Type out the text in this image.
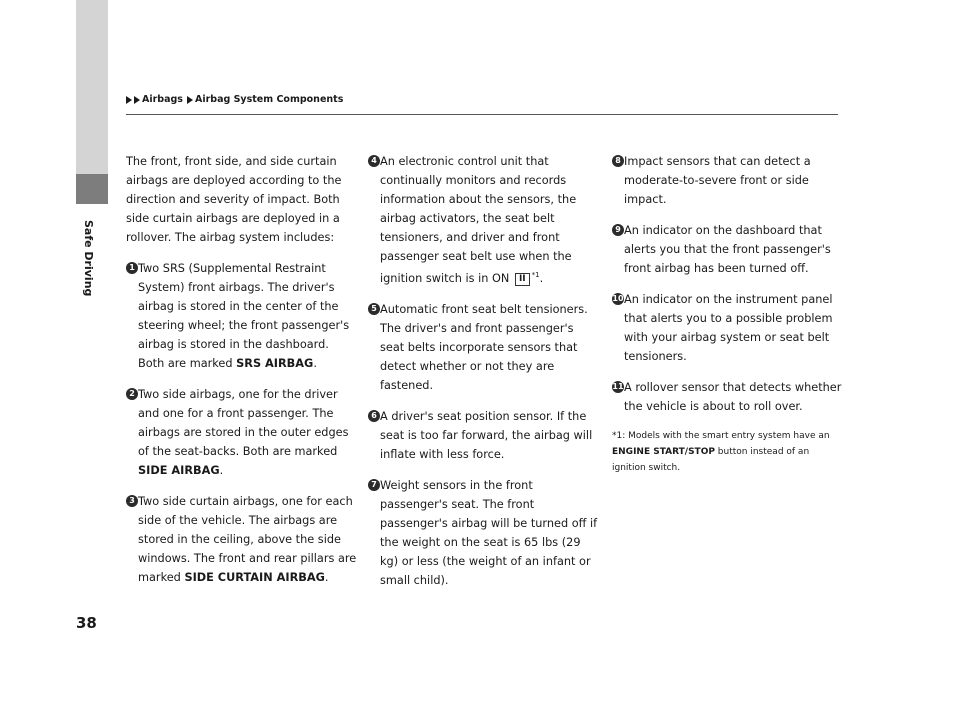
Safe Driving
Airbags Airbag System Components

The front, front side, and side curtain airbags are deployed according to the direction and severity of impact. Both side curtain airbags are deployed in a rollover. The airbag system includes:

1 Two SRS (Supplemental Restraint System) front airbags. The driver's airbag is stored in the center of the steering wheel; the front passenger's airbag is stored in the dashboard. Both are marked SRS AIRBAG.
2 Two side airbags, one for the driver and one for a front passenger. The airbags are stored in the outer edges of the seat-backs. Both are marked SIDE AIRBAG.
3 Two side curtain airbags, one for each side of the vehicle. The airbags are stored in the ceiling, above the side windows. The front and rear pillars are marked SIDE CURTAIN AIRBAG.
4 An electronic control unit that continually monitors and records information about the sensors, the airbag activators, the seat belt tensioners, and driver and front passenger seat belt use when the ignition switch is in ON II $^{*1}$.
5 Automatic front seat belt tensioners. The driver's and front passenger's seat belts incorporate sensors that detect whether or not they are fastened.
6 A driver's seat position sensor. If the seat is too far forward, the airbag will inflate with less force.
7 Weight sensors in the front passenger's seat. The front passenger's airbag will be turned off if the weight on the seat is 65 lbs (29 kg) or less (the weight of an infant or small child).
8 Impact sensors that can detect a moderate-to-severe front or side impact.
9 An indicator on the dashboard that alerts you that the front passenger's front airbag has been turned off.
10 An indicator on the instrument panel that alerts you to a possible problem with your airbag system or seat belt tensioners.
11 A rollover sensor that detects whether the vehicle is about to roll over.
*1: Models with the smart entry system have an ENGINE START/STOP button instead of an ignition switch.
38
